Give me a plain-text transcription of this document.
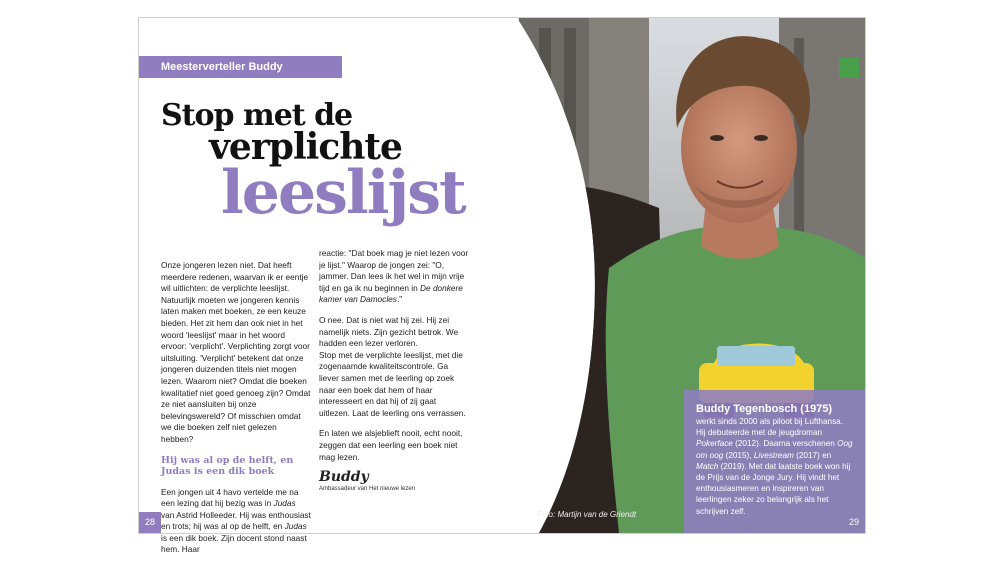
Meesterverteller Buddy Tegenbosch
Stop met de
verplichte
leeslijst

Onze jongeren lezen niet. Dat heeft meerdere redenen, waarvan ik er eentje wil uitlichten: de verplichte leeslijst. Natuurlijk moeten we jongeren kennis laten maken met boeken, ze een keuze bieden. Het zit hem dan ook niet in het woord 'leeslijst' maar in het woord ervoor: 'verplicht'. Verplichting zorgt voor uitsluiting. 'Verplicht' betekent dat onze jongeren duizenden titels niet mogen lezen. Waarom niet? Omdat die boeken kwalitatief niet goed genoeg zijn? Omdat ze niet aansluiten bij onze belevingswereld? Of misschien omdat we die boeken zelf niet gelezen hebben?

Hij was al op de helft, en Judas is een dik boek

Een jongen uit 4 havo vertelde me na een lezing dat hij bezig was in Judas van Astrid Holleeder. Hij was enthousiast en trots; hij was al op de helft, en Judas is een dik boek. Zijn docent stond naast hem. Haar

reactie: "Dat boek mag je niet lezen voor je lijst." Waarop de jongen zei: "O, jammer. Dan lees ik het wel in mijn vrije tijd en ga ik nu beginnen in De donkere kamer van Damocles."

O nee. Dat is niet wat hij zei. Hij zei namelijk niets. Zijn gezicht betrok. We hadden een lezer verloren.

Stop met de verplichte leeslijst, met die zogenaamde kwaliteitscontrole. Ga liever samen met de leerling op zoek naar een boek dat hem of haar interesseert en dat hij of zij gaat uitlezen. Laat de leerling ons verrassen.

En laten we alsjeblieft nooit, echt nooit, zeggen dat een leerling een boek niet mag lezen.

Buddy
Ambassadeur van Het nieuwe lezen
Foto: Martijn van de Griendt
Buddy Tegenbosch (1975)
werkt sinds 2000 als piloot bij Lufthansa. Hij debuteerde met de jeugdroman Pokerface (2012). Daarna verschenen Oog om oog (2015), Livestream (2017) en Match (2019). Met dat laatste boek won hij de Prijs van de Jonge Jury. Hij vindt het enthousiasmeren en inspireren van leerlingen zeker zo belangrijk als het schrijven zelf.
28	29
